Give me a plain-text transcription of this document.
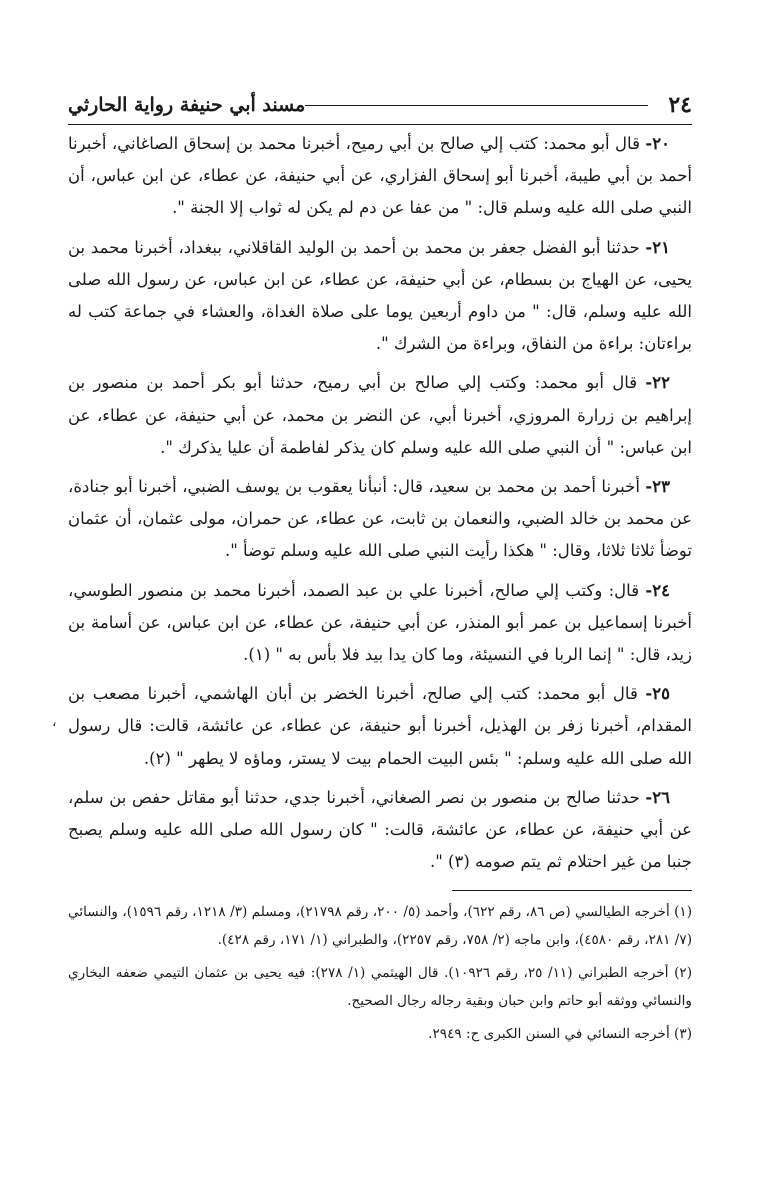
٢٤
مسند أبي حنيفة رواية الحارثي

٢٠- قال أبو محمد: كتب إلي صالح بن أبي رميح، أخبرنا محمد بن إسحاق الصاغاني، أخبرنا أحمد بن أبي طيبة، أخبرنا أبو إسحاق الفزاري، عن أبي حنيفة، عن عطاء، عن ابن عباس، أن النبي صلى الله عليه وسلم قال: " من عفا عن دم لم يكن له ثواب إلا الجنة ".

٢١- حدثنا أبو الفضل جعفر بن محمد بن أحمد بن الوليد القاقلاني، ببغداد، أخبرنا محمد بن يحيى، عن الهياج بن بسطام، عن أبي حنيفة، عن عطاء، عن ابن عباس، عن رسول الله صلى الله عليه وسلم، قال: " من داوم أربعين يوما على صلاة الغداة، والعشاء في جماعة كتب له براءتان: براءة من النفاق، وبراءة من الشرك ".

٢٢- قال أبو محمد: وكتب إلي صالح بن أبي رميح، حدثنا أبو بكر أحمد بن منصور بن إبراهيم بن زرارة المروزي، أخبرنا أبي، عن النضر بن محمد، عن أبي حنيفة، عن عطاء، عن ابن عباس: " أن النبي صلى الله عليه وسلم كان يذكر لفاطمة أن عليا يذكرك ".

٢٣- أخبرنا أحمد بن محمد بن سعيد، قال: أنبأنا يعقوب بن يوسف الضبي، أخبرنا أبو جنادة، عن محمد بن خالد الضبي، والنعمان بن ثابت، عن عطاء، عن حمران، مولى عثمان، أن عثمان توضأ ثلاثا ثلاثا، وقال: " هكذا رأيت النبي صلى الله عليه وسلم توضأ ".

٢٤- قال: وكتب إلي صالح، أخبرنا علي بن عبد الصمد، أخبرنا محمد بن منصور الطوسي، أخبرنا إسماعيل بن عمر أبو المنذر، عن أبي حنيفة، عن عطاء، عن ابن عباس، عن أسامة بن زيد، قال: " إنما الربا في النسيئة، وما كان يدا بيد فلا بأس به " (١).

٢٥- قال أبو محمد: كتب إلي صالح، أخبرنا الخضر بن أبان الهاشمي، أخبرنا مصعب بن المقدام، أخبرنا زفر بن الهذيل، أخبرنا أبو حنيفة، عن عطاء، عن عائشة، قالت: قال رسول الله صلى الله عليه وسلم: " بئس البيت الحمام بيت لا يستر، وماؤه لا يطهر " (٢).

٢٦- حدثنا صالح بن منصور بن نصر الصغاني، أخبرنا جدي، حدثنا أبو مقاتل حفص بن سلم، عن أبي حنيفة، عن عطاء، عن عائشة، قالت: " كان رسول الله صلى الله عليه وسلم يصبح جنبا من غير احتلام ثم يتم صومه (٣) ".

،

(١) أخرجه الطيالسي (ص ٨٦، رقم ٦٢٢)، وأحمد (٥/ ٢٠٠، رقم ٢١٧٩٨)، ومسلم (٣/ ١٢١٨، رقم ١٥٩٦)، والنسائي (٧/ ٢٨١، رقم ٤٥٨٠)، وابن ماجه (٢/ ٧٥٨، رقم ٢٢٥٧)، والطبراني (١/ ١٧١، رقم ٤٢٨).

(٢) أخرجه الطبراني (١١/ ٢٥، رقم ١٠٩٢٦). قال الهيثمي (١/ ٢٧٨): فيه يحيى بن عثمان التيمي ضعفه البخاري والنسائي ووثقه أبو حاتم وابن حبان وبقية رجاله رجال الصحيح.

(٣) أخرجه النسائي في السنن الكبرى ح: ٢٩٤٩.
